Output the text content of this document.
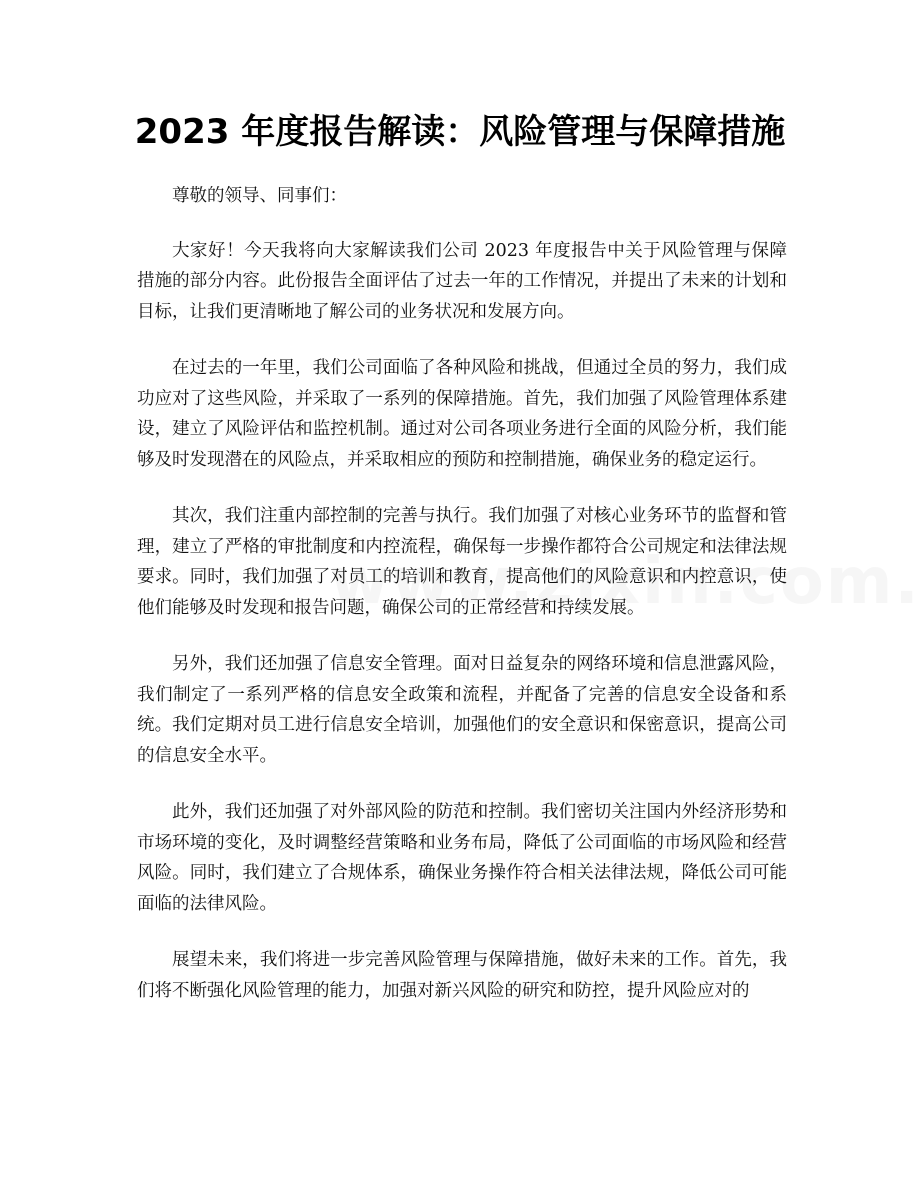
2023 年度报告解读：风险管理与保障措施

尊敬的领导、同事们：

大家好！今天我将向大家解读我们公司 2023 年度报告中关于风险管理与保障措施的部分内容。此份报告全面评估了过去一年的工作情况，并提出了未来的计划和目标，让我们更清晰地了解公司的业务状况和发展方向。

在过去的一年里，我们公司面临了各种风险和挑战，但通过全员的努力，我们成功应对了这些风险，并采取了一系列的保障措施。首先，我们加强了风险管理体系建设，建立了风险评估和监控机制。通过对公司各项业务进行全面的风险分析，我们能够及时发现潜在的风险点，并采取相应的预防和控制措施，确保业务的稳定运行。

其次，我们注重内部控制的完善与执行。我们加强了对核心业务环节的监督和管理，建立了严格的审批制度和内控流程，确保每一步操作都符合公司规定和法律法规要求。同时，我们加强了对员工的培训和教育，提高他们的风险意识和内控意识，使他们能够及时发现和报告问题，确保公司的正常经营和持续发展。

另外，我们还加强了信息安全管理。面对日益复杂的网络环境和信息泄露风险，我们制定了一系列严格的信息安全政策和流程，并配备了完善的信息安全设备和系统。我们定期对员工进行信息安全培训，加强他们的安全意识和保密意识，提高公司的信息安全水平。

此外，我们还加强了对外部风险的防范和控制。我们密切关注国内外经济形势和市场环境的变化，及时调整经营策略和业务布局，降低了公司面临的市场风险和经营风险。同时，我们建立了合规体系，确保业务操作符合相关法律法规，降低公司可能面临的法律风险。

展望未来，我们将进一步完善风险管理与保障措施，做好未来的工作。首先，我们将不断强化风险管理的能力，加强对新兴风险的研究和防控，提升风险应对的
